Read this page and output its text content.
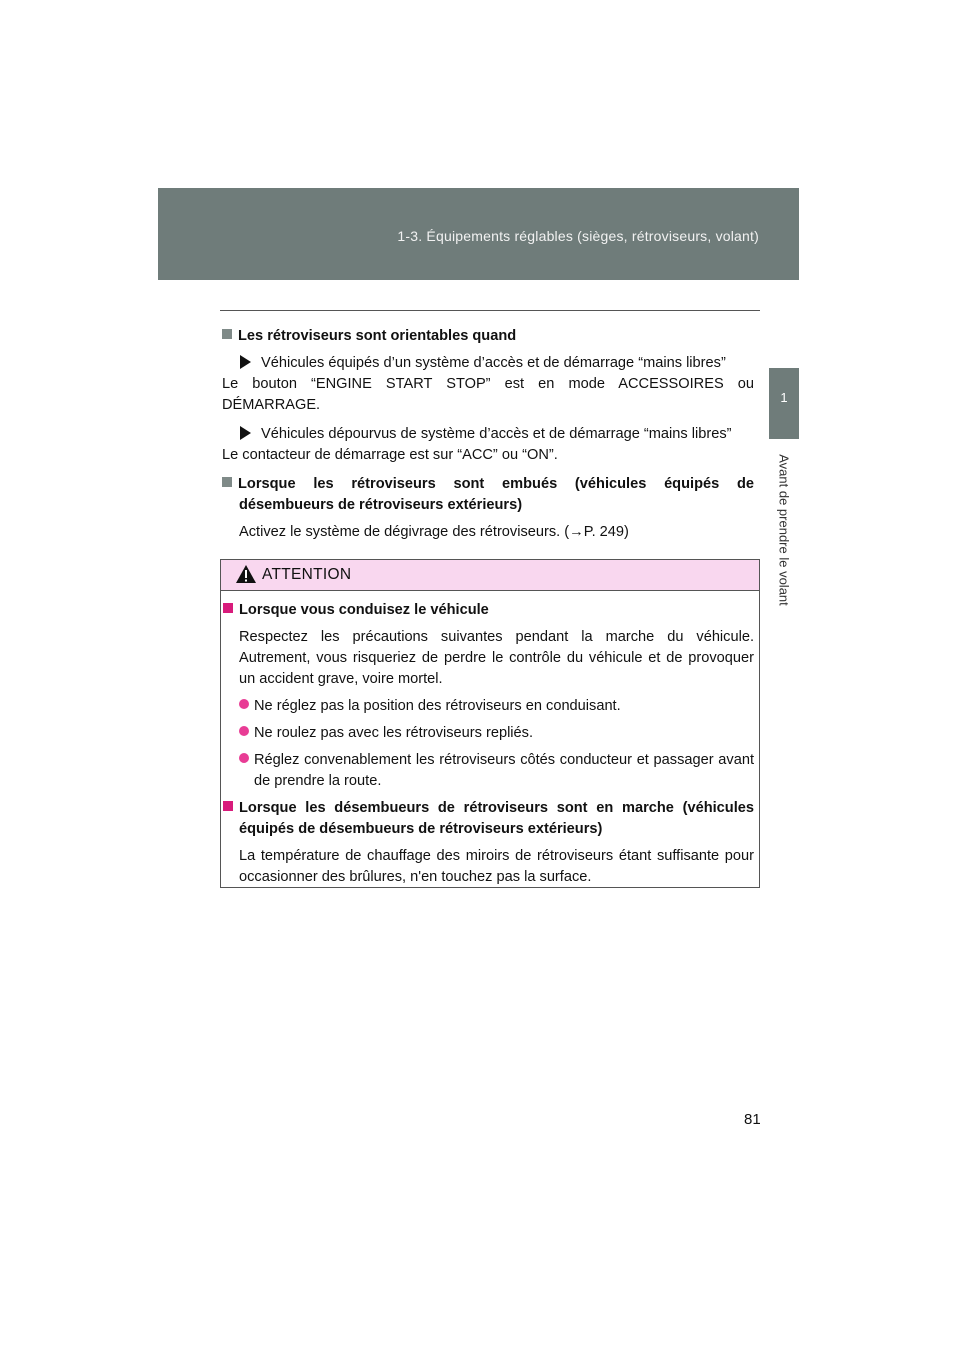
1-3. Équipements réglables (sièges, rétroviseurs, volant)
1
Avant de prendre le volant

Les rétroviseurs sont orientables quand

Véhicules équipés d’un système d’accès et de démarrage “mains libres”

Le bouton “ENGINE START STOP” est en mode ACCESSOIRES ou DÉMARRAGE.

Véhicules dépourvus de système d’accès et de démarrage “mains libres”

Le contacteur de démarrage est sur “ACC” ou “ON”.

Lorsque les rétroviseurs sont embués (véhicules équipés de désembueurs de rétroviseurs extérieurs)

Activez le système de dégivrage des rétroviseurs. (→P. 249)

ATTENTION

Lorsque vous conduisez le véhicule

Respectez les précautions suivantes pendant la marche du véhicule. Autrement, vous risqueriez de perdre le contrôle du véhicule et de provoquer un accident grave, voire mortel.

Ne réglez pas la position des rétroviseurs en conduisant.

Ne roulez pas avec les rétroviseurs repliés.

Réglez convenablement les rétroviseurs côtés conducteur et passager avant de prendre la route.

Lorsque les désembueurs de rétroviseurs sont en marche (véhicules équipés de désembueurs de rétroviseurs extérieurs)

La température de chauffage des miroirs de rétroviseurs étant suffisante pour occasionner des brûlures, n'en touchez pas la surface.

81
